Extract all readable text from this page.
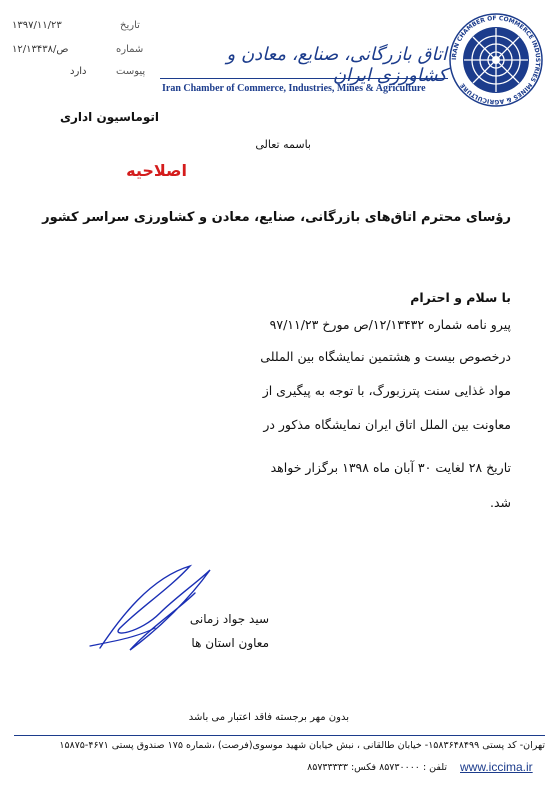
۱۳۹۷/۱۱/۲۳	تاریخ
۱۲/۱۳۴۳۸/ص	شماره
دارد	پیوست
اتاق بازرگانی، صنایع، معادن و کشاورزی ایران
Iran Chamber of Commerce, Industries, Mines & Agriculture
IRAN CHAMBER OF COMMERCE INDUSTRIES MINES & AGRICULTURE
اتوماسیون اداری
باسمه تعالی
اصلاحیه
رؤسای محترم اتاق‌های بازرگانی، صنایع، معادن و کشاورزی سراسر کشور
با سلام و احترام
پیرو نامه شماره ۱۲/۱۳۴۳۲/ص مورخ ۹۷/۱۱/۲۳
درخصوص بیست و هشتمین نمایشگاه بین المللی
مواد غذایی سنت پترزبورگ، با توجه به پیگیری از
معاونت بین الملل اتاق ایران نمایشگاه مذکور در
تاریخ ۲۸ لغایت ۳۰ آبان ماه ۱۳۹۸ برگزار خواهد
شد.
سید جواد زمانی
معاون استان ها
بدون مهر برجسته فاقد اعتبار می باشد
تهران- کد پستی ۱۵۸۳۶۴۸۴۹۹- خیابان طالقانی ، نبش خیابان شهید موسوی(فرصت) ،شماره ۱۷۵ صندوق پستی ۴۶۷۱-۱۵۸۷۵
www.iccima.ir
تلفن : ۸۵۷۳۰۰۰۰ فکس: ۸۵۷۳۳۳۳۳
